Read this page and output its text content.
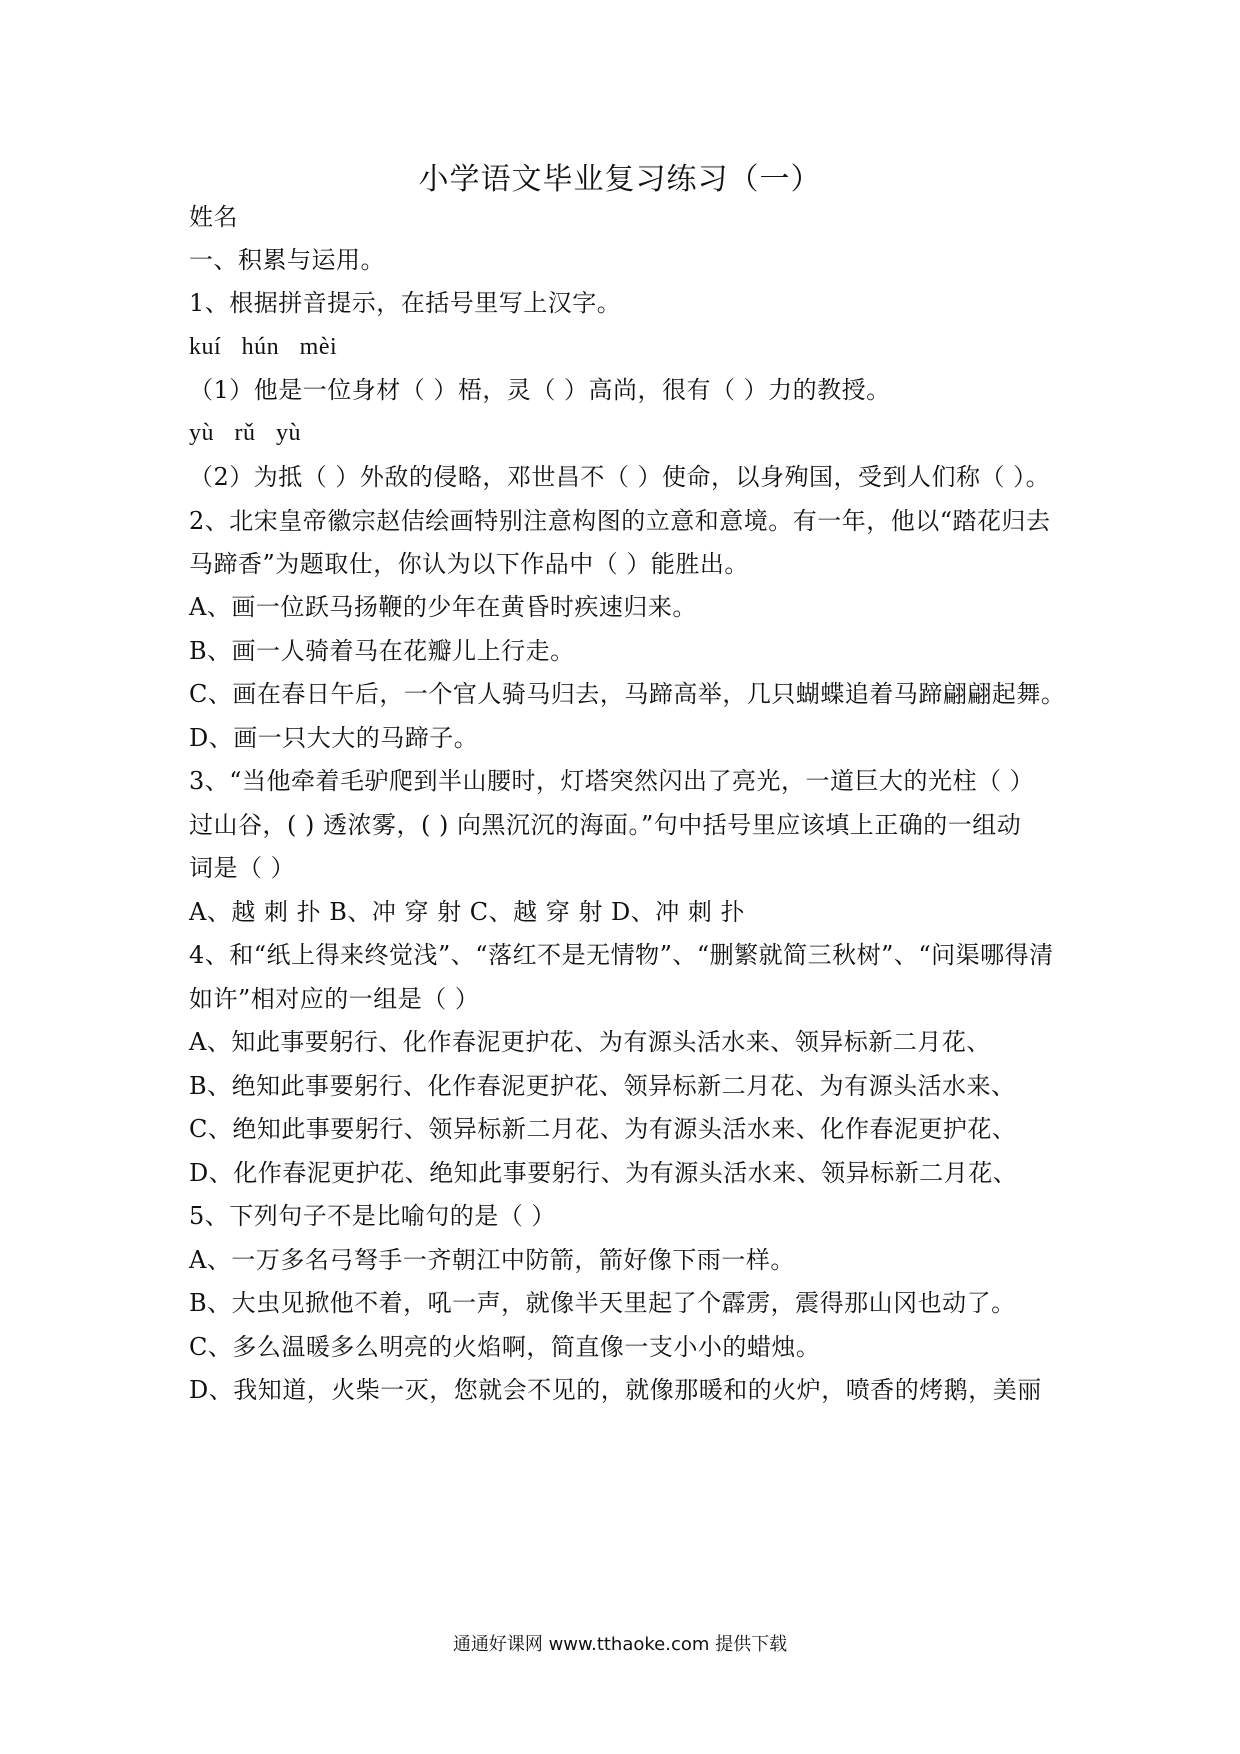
小学语文毕业复习练习（一）
姓名
一、积累与运用。
1、根据拼音提示，在括号里写上汉字。
kuí hún mèi
（1）他是一位身材（ ）梧，灵（ ）高尚，很有（ ）力的教授。
yù rǔ yù
（2）为抵（ ）外敌的侵略，邓世昌不（ ）使命，以身殉国，受到人们称（ ）。
2、北宋皇帝徽宗赵佶绘画特别注意构图的立意和意境。有一年，他以“踏花归去
马蹄香”为题取仕，你认为以下作品中（ ）能胜出。
A、画一位跃马扬鞭的少年在黄昏时疾速归来。
B、画一人骑着马在花瓣儿上行走。
C、画在春日午后，一个官人骑马归去，马蹄高举，几只蝴蝶追着马蹄翩翩起舞。
D、画一只大大的马蹄子。
3、“当他牵着毛驴爬到半山腰时，灯塔突然闪出了亮光，一道巨大的光柱（ ）
过山谷，( ) 透浓雾，( ) 向黑沉沉的海面。”句中括号里应该填上正确的一组动
词是（ ）
A、越 刺 扑 B、冲 穿 射 C、越 穿 射 D、冲 刺 扑
4、和“纸上得来终觉浅”、“落红不是无情物”、“删繁就简三秋树”、“问渠哪得清
如许”相对应的一组是（ ）
A、知此事要躬行、化作春泥更护花、为有源头活水来、领异标新二月花、
B、绝知此事要躬行、化作春泥更护花、领异标新二月花、为有源头活水来、
C、绝知此事要躬行、领异标新二月花、为有源头活水来、化作春泥更护花、
D、化作春泥更护花、绝知此事要躬行、为有源头活水来、领异标新二月花、
5、下列句子不是比喻句的是（ ）
A、一万多名弓弩手一齐朝江中防箭，箭好像下雨一样。
B、大虫见掀他不着，吼一声，就像半天里起了个霹雳，震得那山冈也动了。
C、多么温暖多么明亮的火焰啊，简直像一支小小的蜡烛。
D、我知道，火柴一灭，您就会不见的，就像那暖和的火炉，喷香的烤鹅，美丽
通通好课网 www.tthaoke.com 提供下载
